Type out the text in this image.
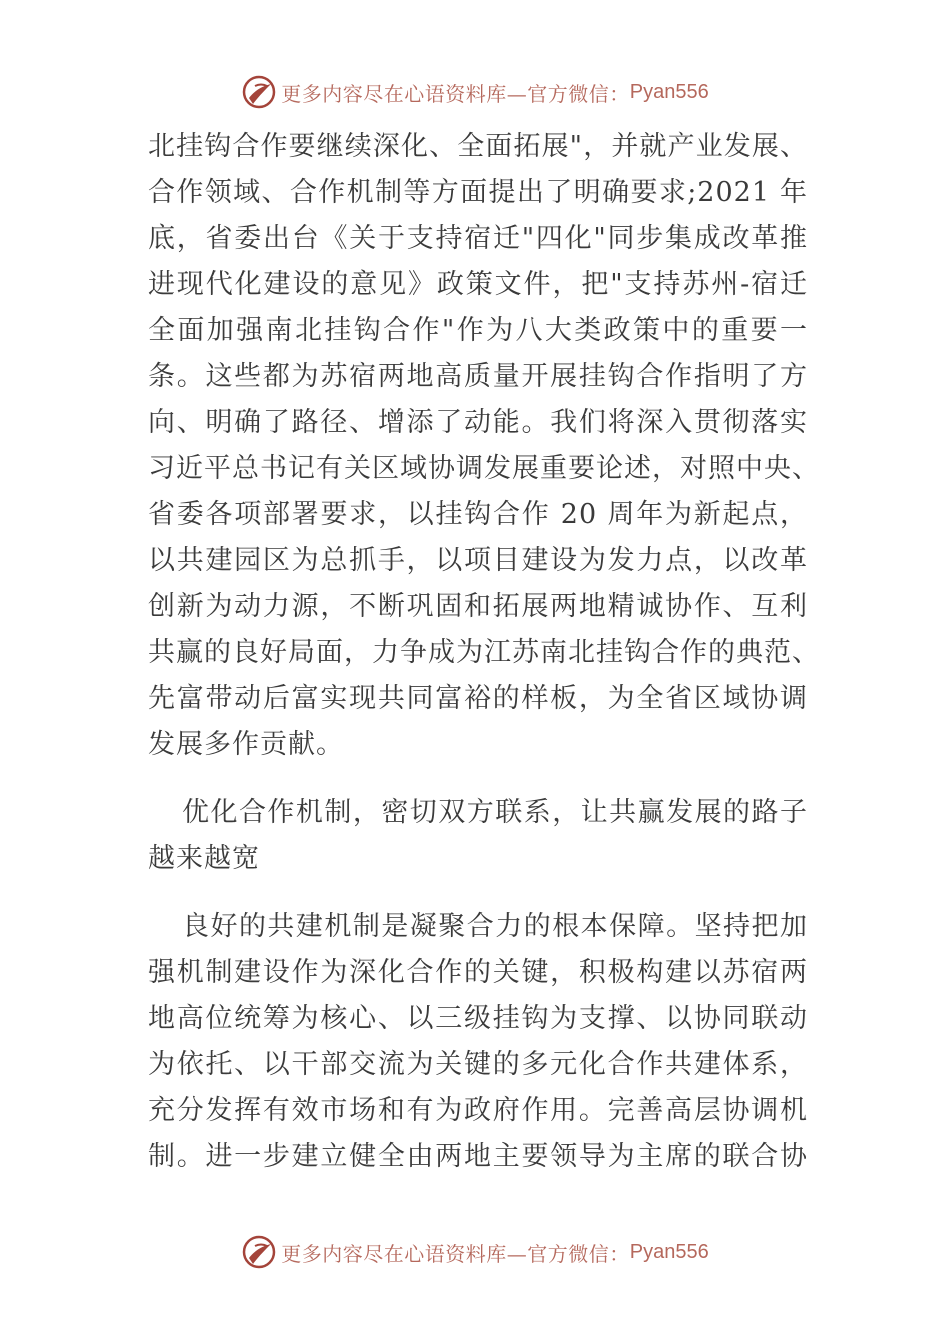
更多内容尽在心语资料库—官方微信： Pyan556
北挂钩合作要继续深化、全面拓展"，并就产业发展、
合作领域、合作机制等方面提出了明确要求;2021 年
底，省委出台《关于支持宿迁"四化"同步集成改革推
进现代化建设的意见》政策文件，把"支持苏州-宿迁
全面加强南北挂钩合作"作为八大类政策中的重要一
条。这些都为苏宿两地高质量开展挂钩合作指明了方
向、明确了路径、增添了动能。我们将深入贯彻落实
习近平总书记有关区域协调发展重要论述，对照中央、
省委各项部署要求，以挂钩合作 20 周年为新起点，
以共建园区为总抓手，以项目建设为发力点，以改革
创新为动力源，不断巩固和拓展两地精诚协作、互利
共赢的良好局面，力争成为江苏南北挂钩合作的典范、
先富带动后富实现共同富裕的样板，为全省区域协调
发展多作贡献。
优化合作机制，密切双方联系，让共赢发展的路子
越来越宽
良好的共建机制是凝聚合力的根本保障。坚持把加
强机制建设作为深化合作的关键，积极构建以苏宿两
地高位统筹为核心、以三级挂钩为支撑、以协同联动
为依托、以干部交流为关键的多元化合作共建体系，
充分发挥有效市场和有为政府作用。完善高层协调机
制。进一步建立健全由两地主要领导为主席的联合协
更多内容尽在心语资料库—官方微信： Pyan556
